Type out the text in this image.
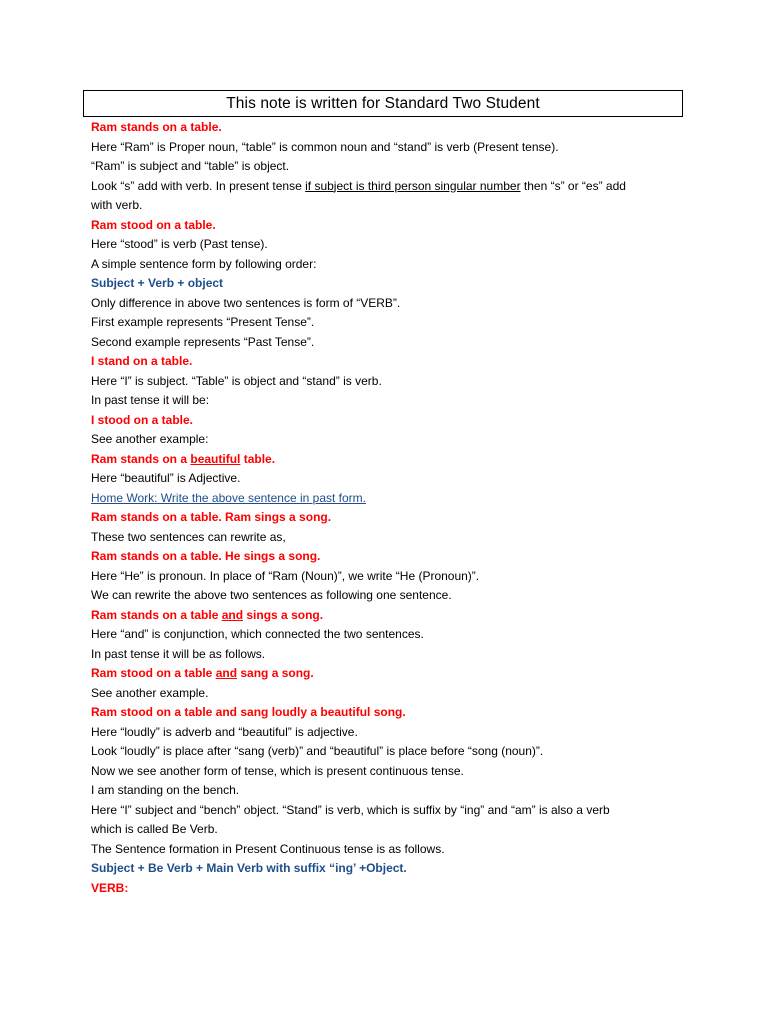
This note is written for Standard Two Student
Ram stands on a table.
Here “Ram” is Proper noun, “table” is common noun and “stand” is verb (Present tense).
“Ram” is subject and “table” is object.
Look “s” add with verb. In present tense if subject is third person singular number then “s” or “es” add
with verb.
Ram stood on a table.
Here “stood” is verb (Past tense).
A simple sentence form by following order:
Subject + Verb + object
Only difference in above two sentences is form of “VERB”.
First example represents “Present Tense”.
Second example represents “Past Tense”.
I stand on a table.
Here “I” is subject. “Table” is object and “stand” is verb.
In past tense it will be:
I stood on a table.
See another example:
Ram stands on a beautiful table.
Here “beautiful” is Adjective.
Home Work: Write the above sentence in past form.
Ram stands on a table. Ram sings a song.
These two sentences can rewrite as,
Ram stands on a table. He sings a song.
Here “He” is pronoun. In place of “Ram (Noun)”, we write “He (Pronoun)”.
We can rewrite the above two sentences as following one sentence.
Ram stands on a table and sings a song.
Here “and” is conjunction, which connected the two sentences.
In past tense it will be as follows.
Ram stood on a table and sang a song.
See another example.
Ram stood on a table and sang loudly a beautiful song.
Here “loudly” is adverb and “beautiful” is adjective.
Look “loudly” is place after “sang (verb)” and “beautiful” is place before “song (noun)”.
Now we see another form of tense, which is present continuous tense.
I am standing on the bench.
Here “I” subject and “bench” object. “Stand” is verb, which is suffix by “ing” and “am” is also a verb
which is called Be Verb.
The Sentence formation in Present Continuous tense is as follows.
Subject + Be Verb + Main Verb with suffix “ing’ +Object.
VERB:
